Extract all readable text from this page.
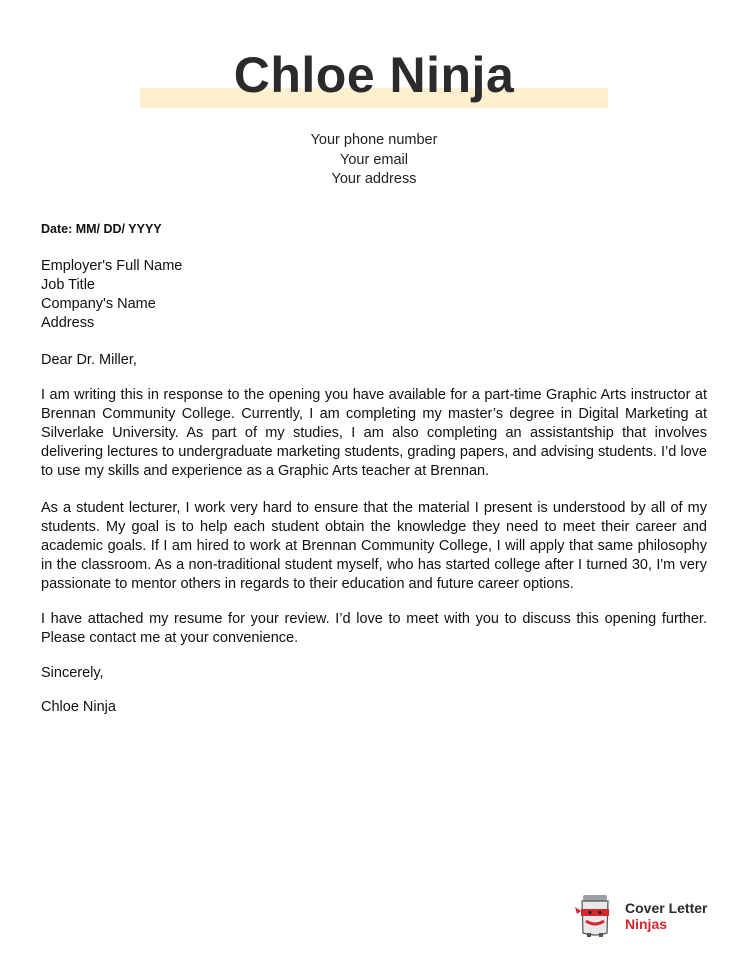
Chloe Ninja
Your phone number
Your email
Your address
Date: MM/ DD/ YYYY
Employer's Full Name
Job Title
Company's Name
Address
Dear Dr. Miller,

I am writing this in response to the opening you have available for a part-time Graphic Arts instructor at Brennan Community College. Currently, I am completing my master’s degree in Digital Marketing at Silverlake University. As part of my studies, I am also completing an assistantship that involves delivering lectures to undergraduate marketing students, grading papers, and advising students. I’d love to use my skills and experience as a Graphic Arts teacher at Brennan.

As a student lecturer, I work very hard to ensure that the material I present is understood by all of my students. My goal is to help each student obtain the knowledge they need to meet their career and academic goals. If I am hired to work at Brennan Community College, I will apply that same philosophy in the classroom. As a non-traditional student myself, who has started college after I turned 30, I'm very passionate to mentor others in regards to their education and future career options.

I have attached my resume for your review. I’d love to meet with you to discuss this opening further. Please contact me at your convenience.

Sincerely,
Chloe Ninja
Cover Letter
Ninjas
